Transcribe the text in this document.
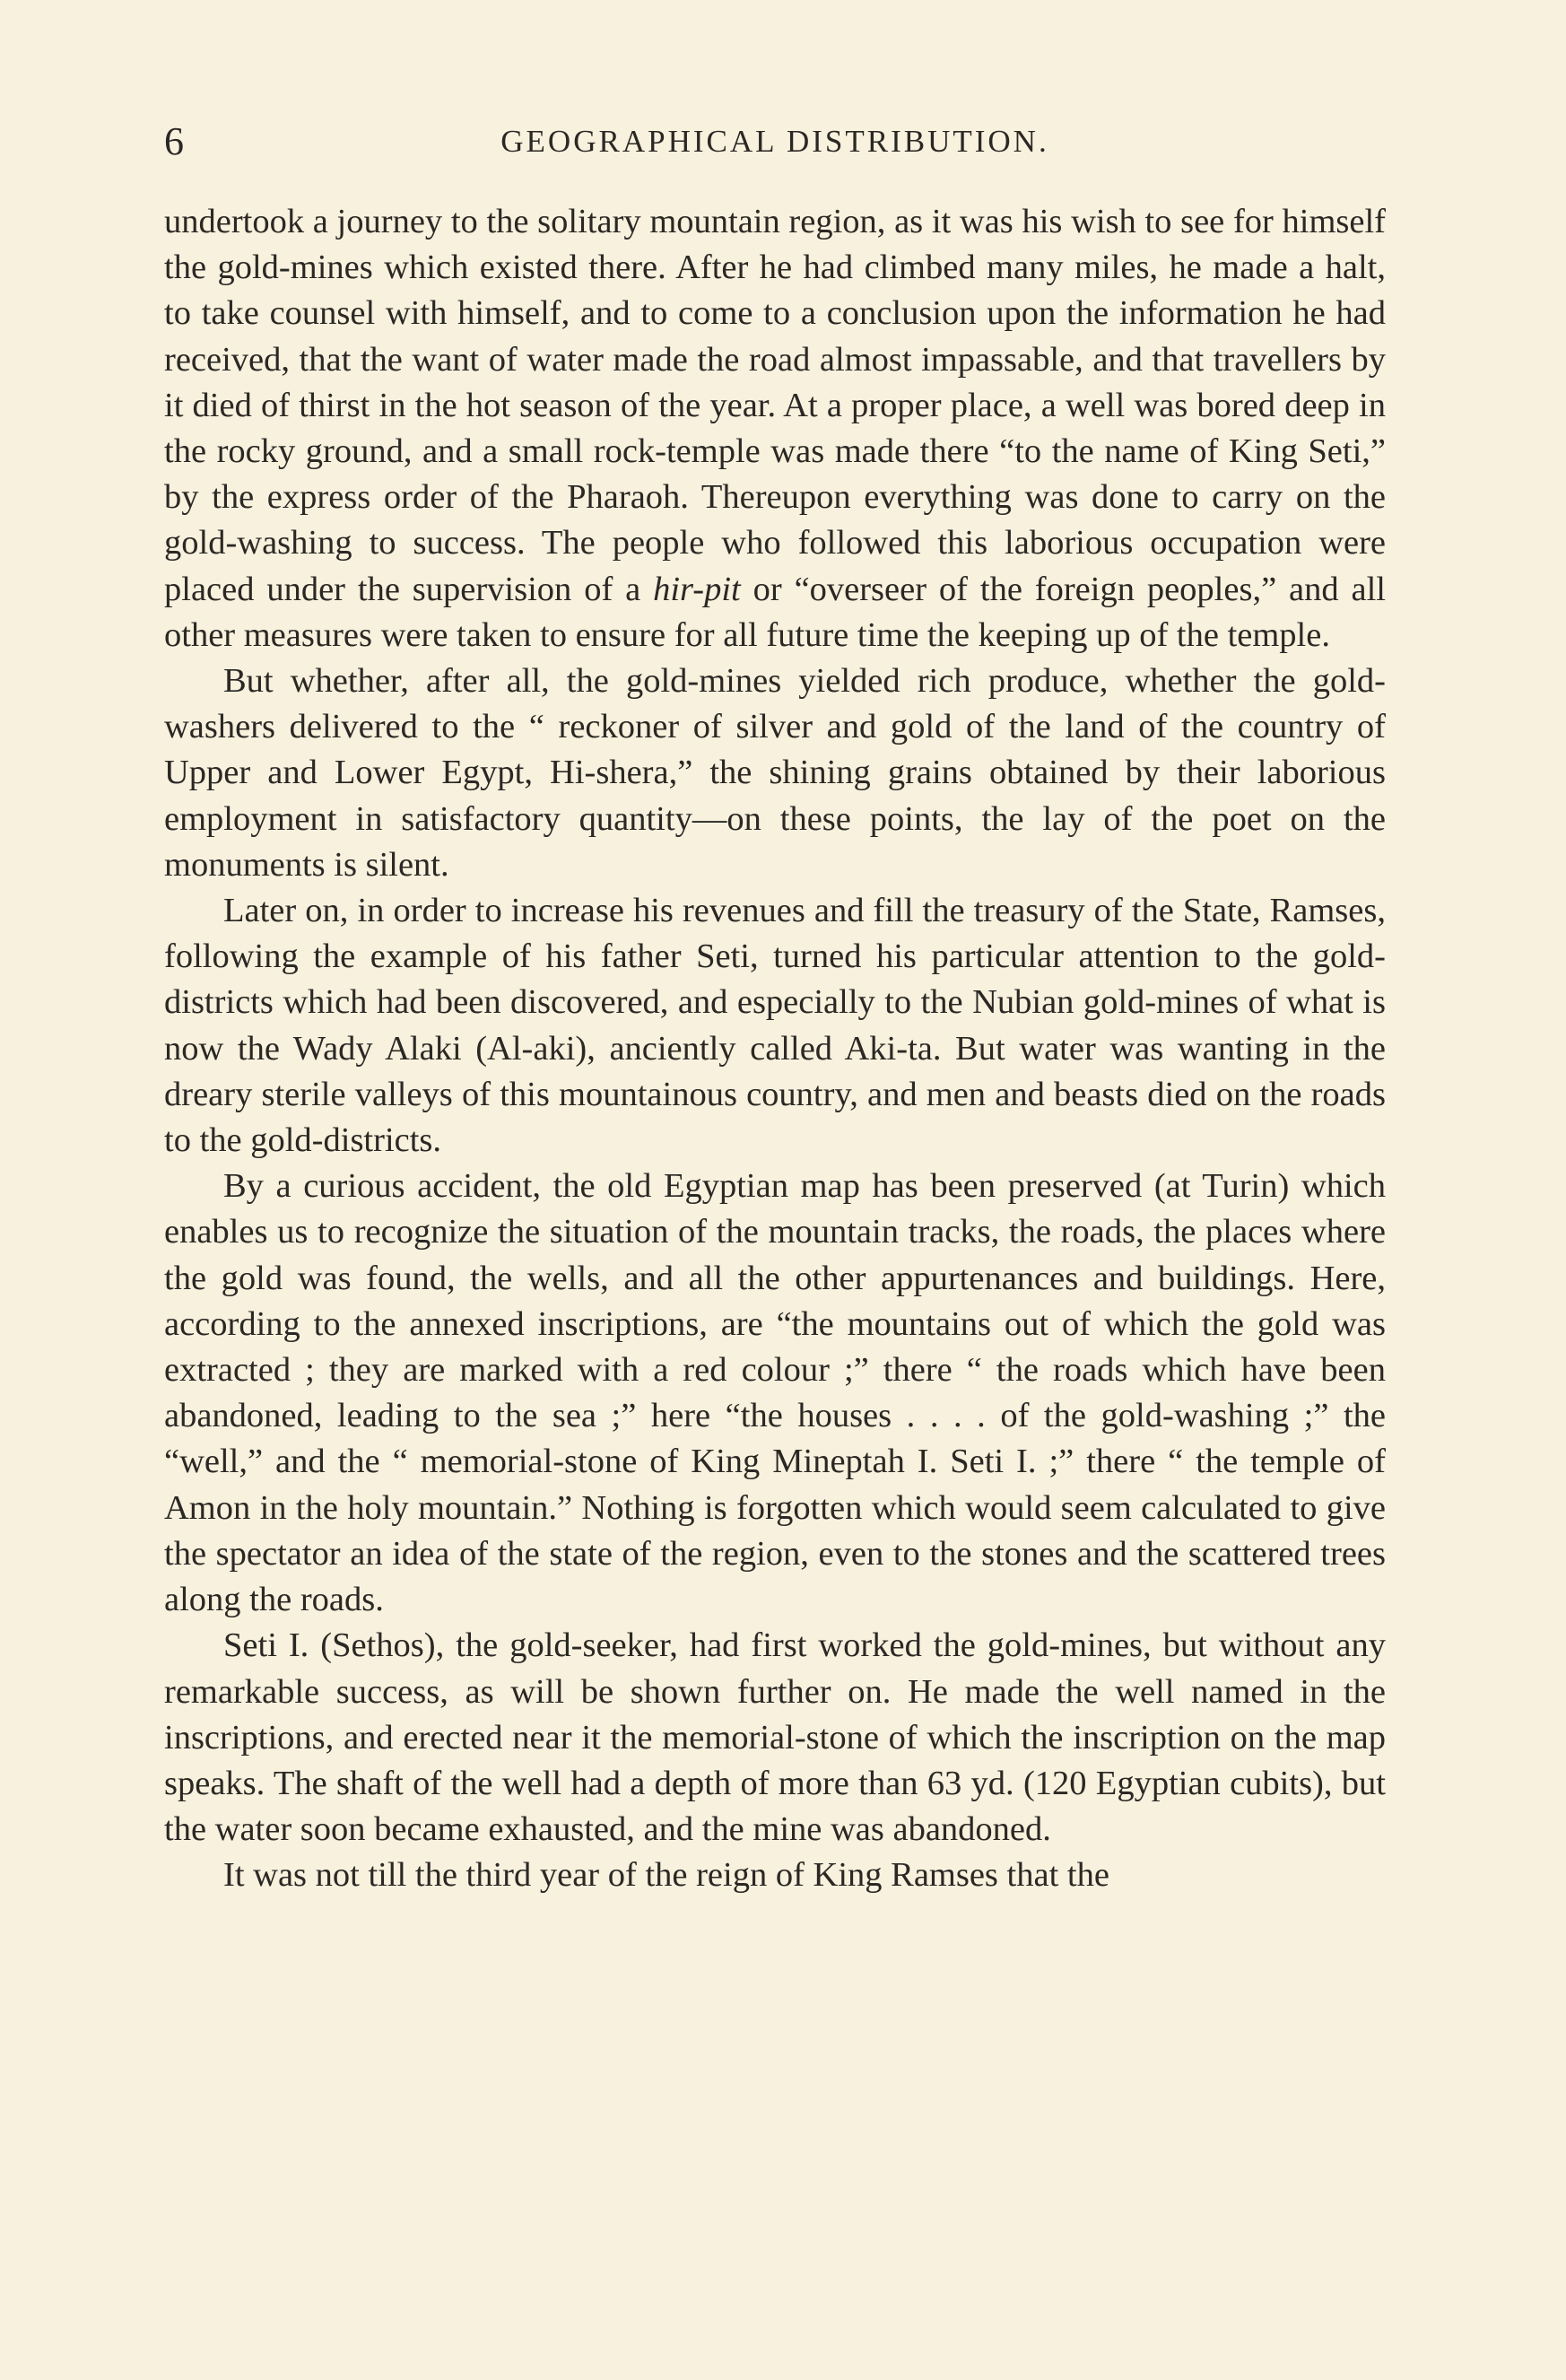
6	GEOGRAPHICAL DISTRIBUTION.

undertook a journey to the solitary mountain region, as it was his wish to see for himself the gold-mines which existed there. After he had climbed many miles, he made a halt, to take counsel with himself, and to come to a conclusion upon the information he had received, that the want of water made the road almost impassable, and that travellers by it died of thirst in the hot season of the year. At a proper place, a well was bored deep in the rocky ground, and a small rock-temple was made there “to the name of King Seti,” by the express order of the Pharaoh. Thereupon everything was done to carry on the gold-washing to success. The people who followed this laborious occupation were placed under the supervision of a hir-pit or “overseer of the foreign peoples,” and all other measures were taken to ensure for all future time the keeping up of the temple.

But whether, after all, the gold-mines yielded rich produce, whether the gold-washers delivered to the “ reckoner of silver and gold of the land of the country of Upper and Lower Egypt, Hi-shera,” the shining grains obtained by their laborious employment in satisfactory quantity—on these points, the lay of the poet on the monuments is silent.

Later on, in order to increase his revenues and fill the treasury of the State, Ramses, following the example of his father Seti, turned his particular attention to the gold-districts which had been discovered, and especially to the Nubian gold-mines of what is now the Wady Alaki (Al-aki), anciently called Aki-ta. But water was wanting in the dreary sterile valleys of this mountainous country, and men and beasts died on the roads to the gold-districts.

By a curious accident, the old Egyptian map has been preserved (at Turin) which enables us to recognize the situation of the mountain tracks, the roads, the places where the gold was found, the wells, and all the other appurtenances and buildings. Here, according to the annexed inscriptions, are “the mountains out of which the gold was extracted ; they are marked with a red colour ;” there “ the roads which have been abandoned, leading to the sea ;” here “the houses . . . . of the gold-washing ;” the “well,” and the “ memorial-stone of King Mineptah I. Seti I. ;” there “ the temple of Amon in the holy mountain.” Nothing is forgotten which would seem calculated to give the spectator an idea of the state of the region, even to the stones and the scattered trees along the roads.

Seti I. (Sethos), the gold-seeker, had first worked the gold-mines, but without any remarkable success, as will be shown further on. He made the well named in the inscriptions, and erected near it the memorial-stone of which the inscription on the map speaks. The shaft of the well had a depth of more than 63 yd. (120 Egyptian cubits), but the water soon became exhausted, and the mine was abandoned.

It was not till the third year of the reign of King Ramses that the
